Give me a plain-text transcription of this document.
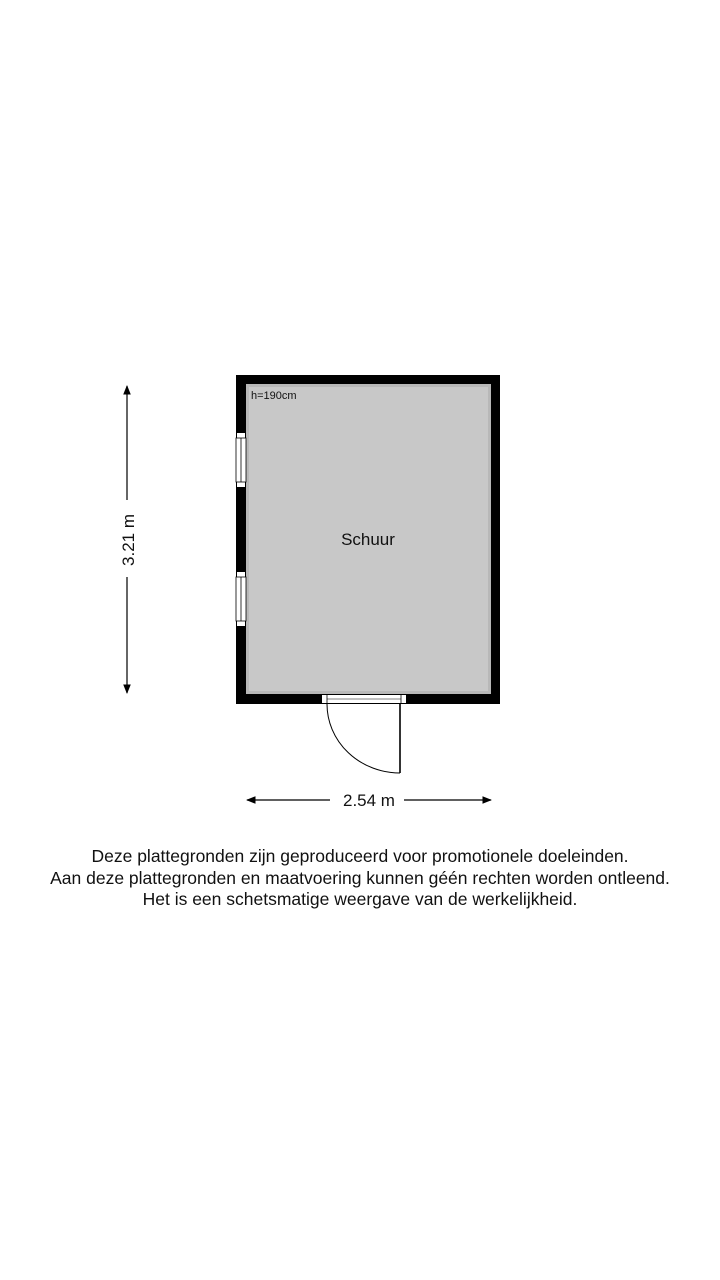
h=190cm
Schuur
3.21 m
2.54 m
Deze plattegronden zijn geproduceerd voor promotionele doeleinden.
Aan deze plattegronden en maatvoering kunnen géén rechten worden ontleend.
Het is een schetsmatige weergave van de werkelijkheid.
